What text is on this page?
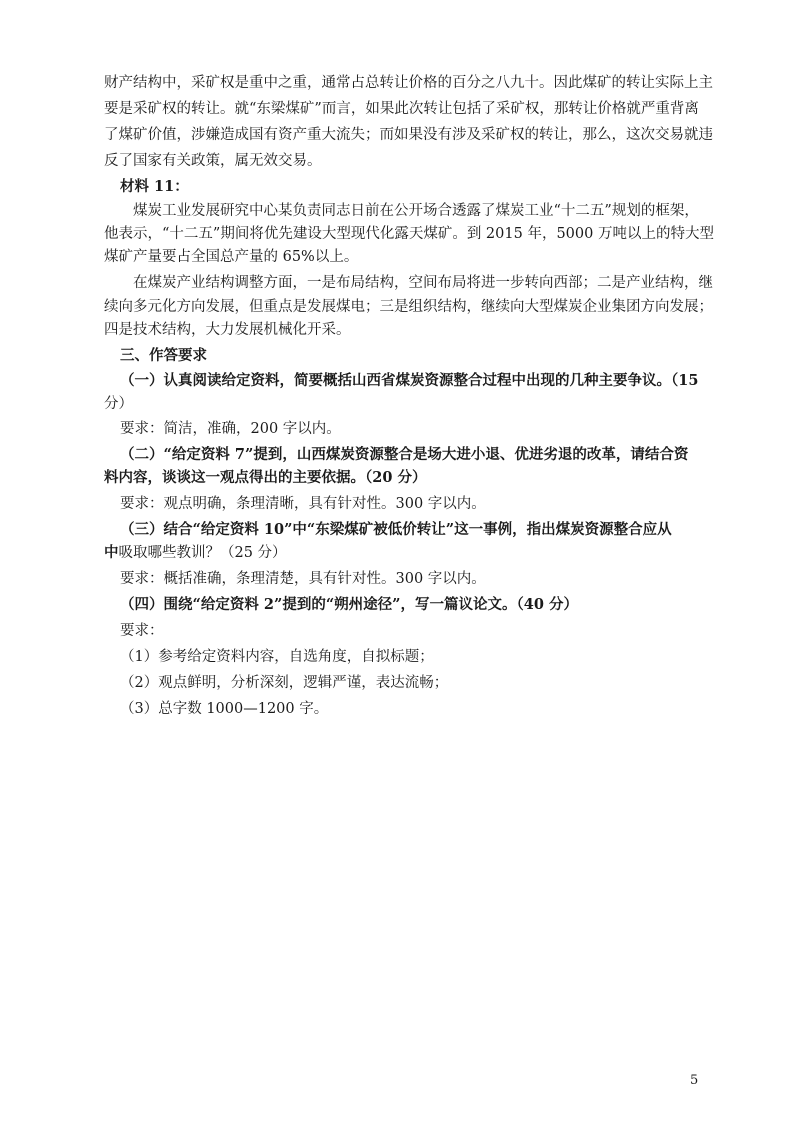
财产结构中，采矿权是重中之重，通常占总转让价格的百分之八九十。因此煤矿的转让实际上主
要是采矿权的转让。就“东梁煤矿”而言，如果此次转让包括了采矿权，那转让价格就严重背离
了煤矿价值，涉嫌造成国有资产重大流失；而如果没有涉及采矿权的转让，那么，这次交易就违
反了国家有关政策，属无效交易。
材料 11：
煤炭工业发展研究中心某负责同志日前在公开场合透露了煤炭工业“十二五”规划的框架，
他表示，“十二五”期间将优先建设大型现代化露天煤矿。到 2015 年，5000 万吨以上的特大型
煤矿产量要占全国总产量的 65%以上。
在煤炭产业结构调整方面，一是布局结构，空间布局将进一步转向西部；二是产业结构，继
续向多元化方向发展，但重点是发展煤电；三是组织结构，继续向大型煤炭企业集团方向发展；
四是技术结构，大力发展机械化开采。
三、作答要求
（一）认真阅读给定资料，简要概括山西省煤炭资源整合过程中出现的几种主要争议。（15
分）
要求：简洁，准确，200 字以内。
（二）“给定资料 7”提到，山西煤炭资源整合是场大进小退、优进劣退的改革，请结合资
料内容，谈谈这一观点得出的主要依据。（20 分）
要求：观点明确，条理清晰，具有针对性。300 字以内。
（三）结合“给定资料 10”中“东梁煤矿被低价转让”这一事例，指出煤炭资源整合应从
中吸取哪些教训？（25 分）
要求：概括准确，条理清楚，具有针对性。300 字以内。
（四）围绕“给定资料 2”提到的“朔州途径”，写一篇议论文。（40 分）
要求：
（1）参考给定资料内容，自选角度，自拟标题；
（2）观点鲜明，分析深刻，逻辑严谨，表达流畅；
（3）总字数 1000—1200 字。
5
